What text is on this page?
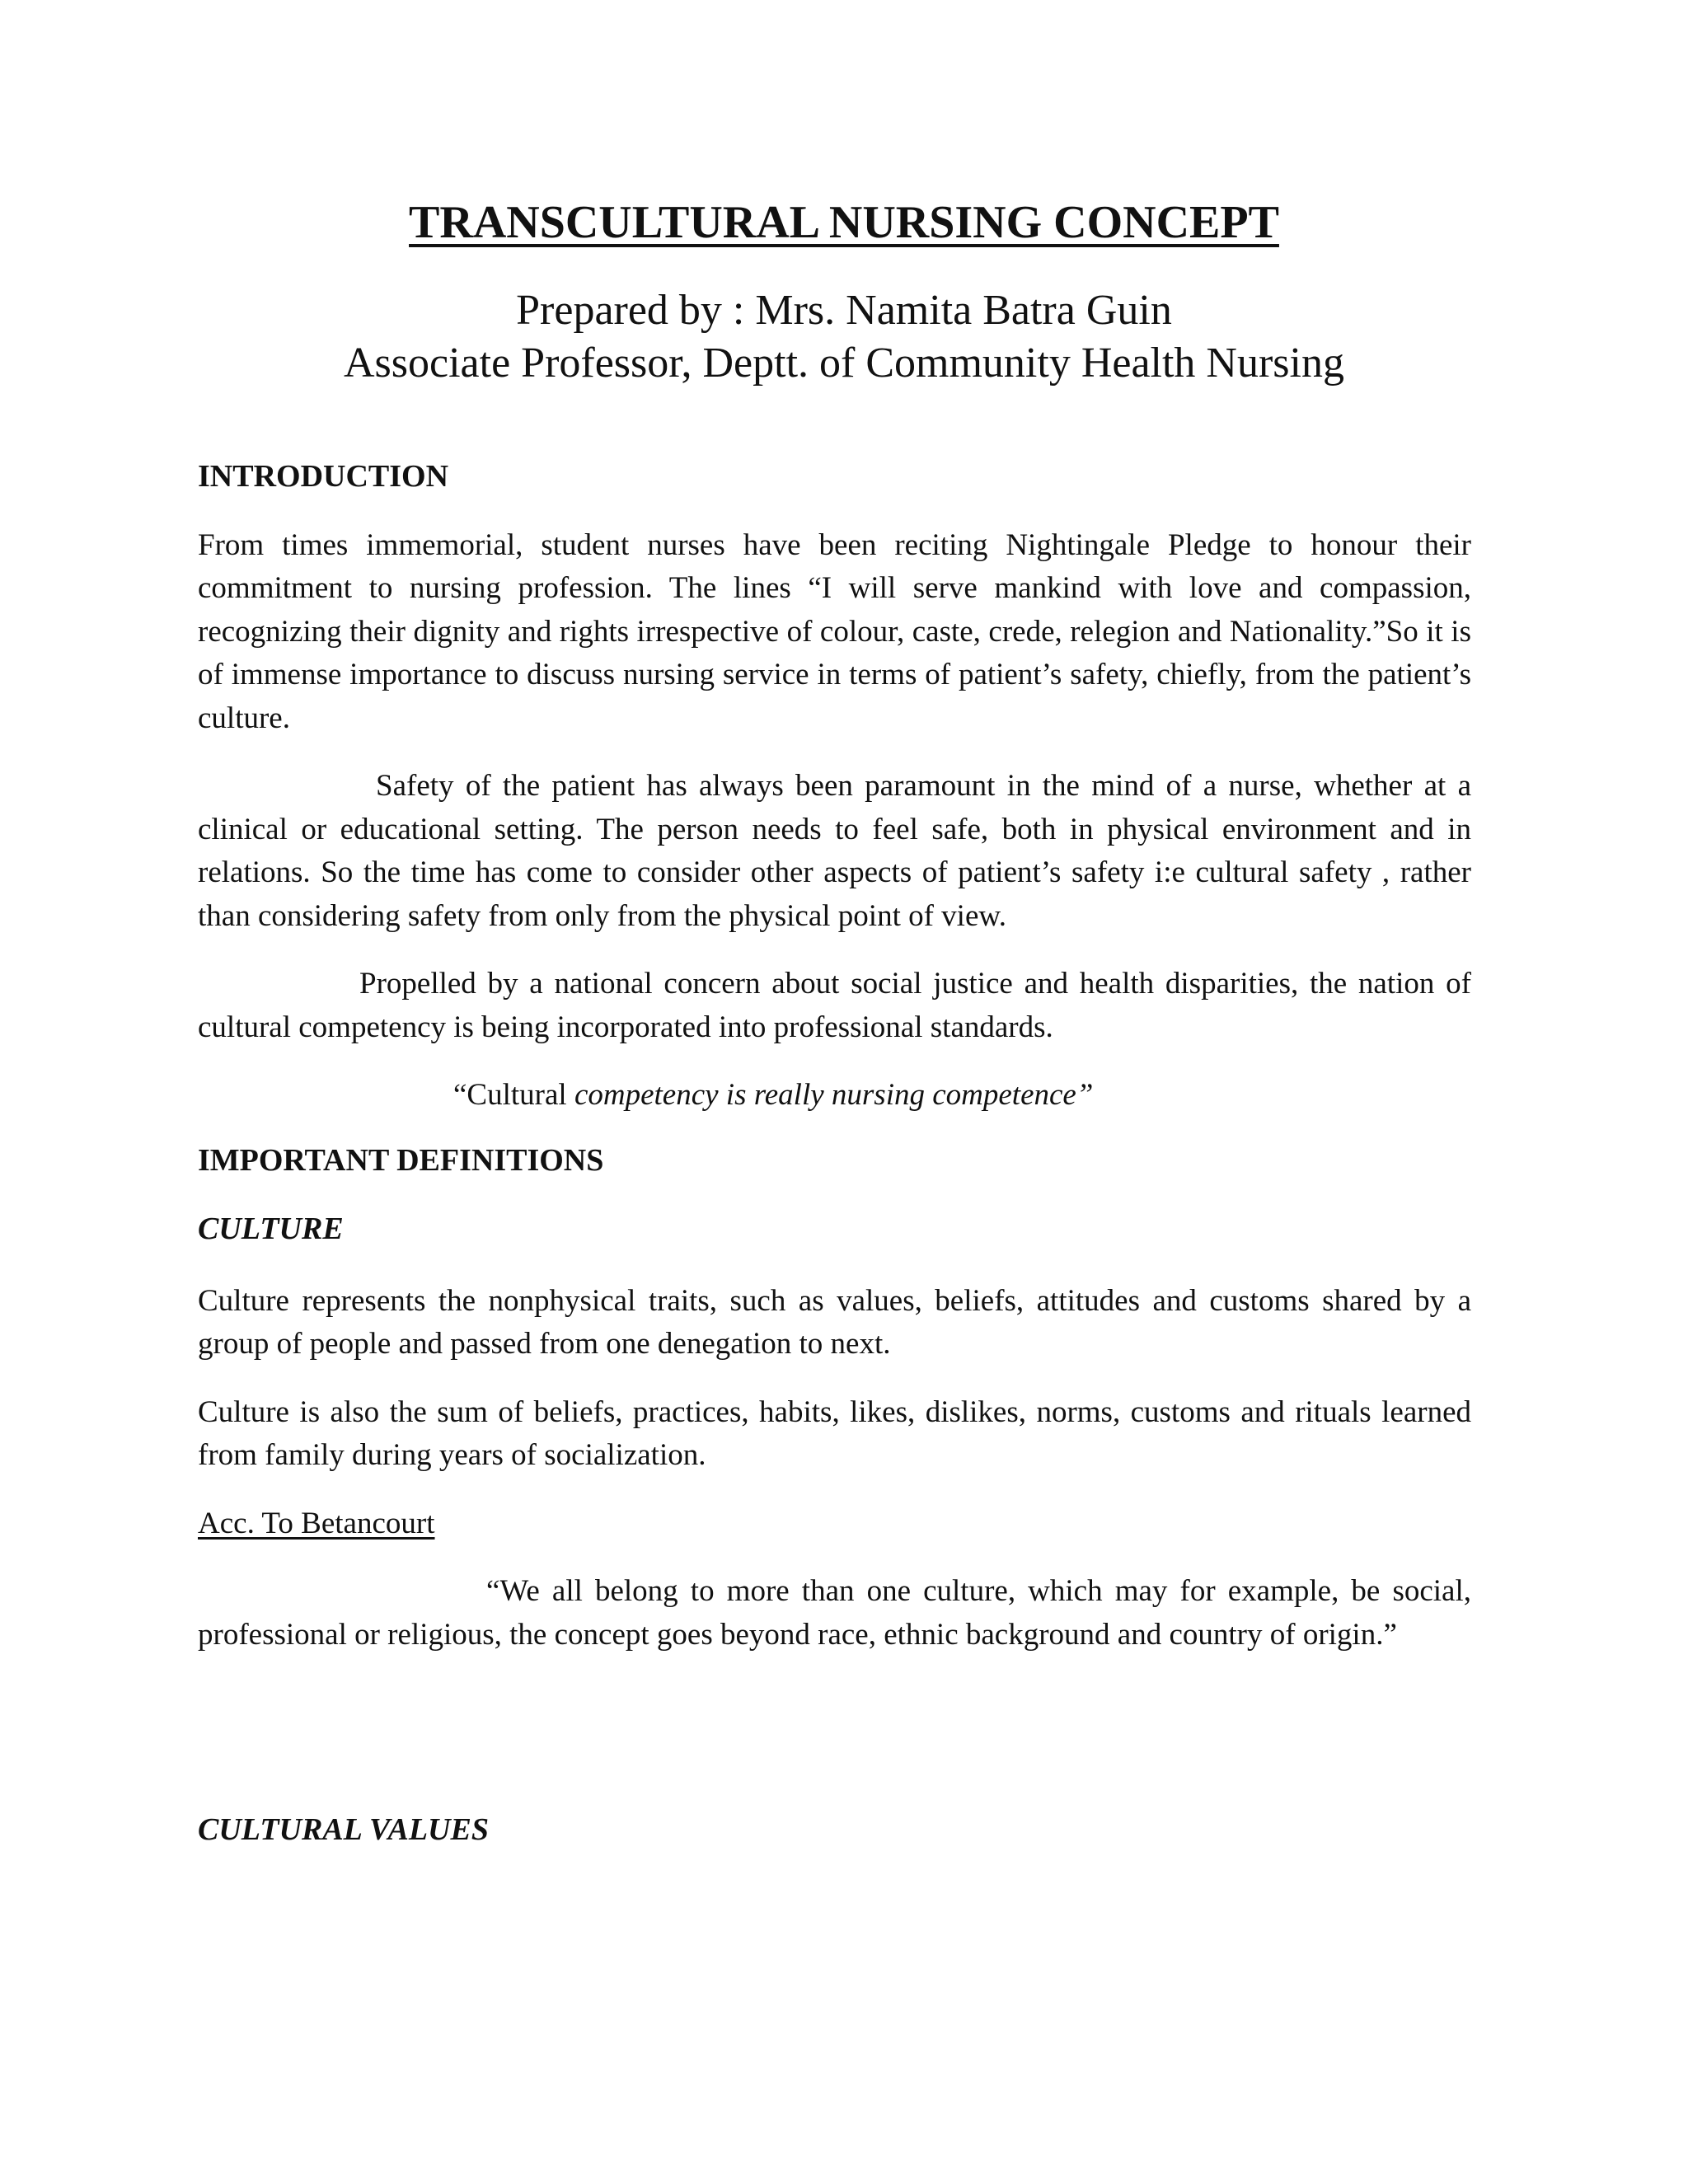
TRANSCULTURAL NURSING CONCEPT

Prepared by : Mrs. Namita Batra Guin

Associate Professor, Deptt. of Community Health Nursing

INTRODUCTION

From times immemorial, student nurses have been reciting Nightingale Pledge to honour their commitment to nursing profession. The lines “I will serve mankind with love and compassion, recognizing their dignity and rights irrespective of colour, caste, crede, relegion and Nationality.”So it is of immense importance to discuss nursing service in terms of patient’s safety, chiefly, from the patient’s culture.

Safety of the patient has always been paramount in the mind of a nurse, whether at a clinical or educational setting. The person needs to feel safe, both in physical environment and in relations. So the time has come to consider other aspects of patient’s safety i:e cultural safety , rather than considering safety from only from the physical point of view.

Propelled by a national concern about social justice and health disparities, the nation of cultural competency is being incorporated into professional standards.

“Cultural competency is really nursing competence”

IMPORTANT DEFINITIONS
CULTURE

Culture represents the nonphysical traits, such as values, beliefs, attitudes and customs shared by a group of people and passed from one denegation to next.

Culture is also the sum of beliefs, practices, habits, likes, dislikes, norms, customs and rituals learned from family during years of socialization.

Acc. To Betancourt

“We all belong to more than one culture, which may for example, be social, professional or religious, the concept goes beyond race, ethnic background and country of origin.”

CULTURAL VALUES
